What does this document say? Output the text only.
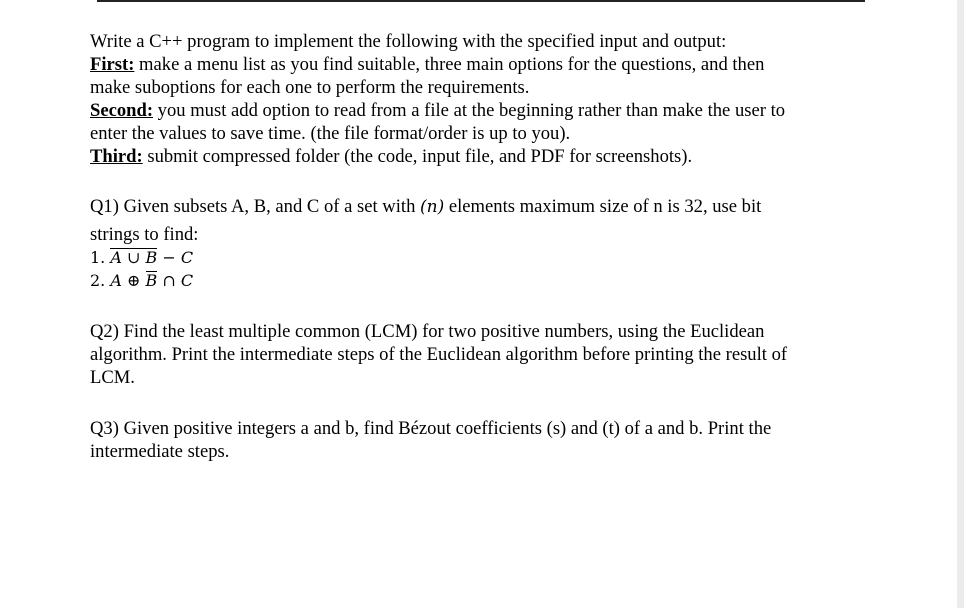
Write a C++ program to implement the following with the specified input and output:

First: make a menu list as you find suitable, three main options for the questions, and then

make suboptions for each one to perform the requirements.

Second: you must add option to read from a file at the beginning rather than make the user to

enter the values to save time. (the file format/order is up to you).

Third: submit compressed folder (the code, input file, and PDF for screenshots).

Q1) Given subsets A, B, and C of a set with (n) elements maximum size of n is 32, use bit

strings to find:

1. A ∪ B − C

2. A ⊕ B ∩ C

Q2) Find the least multiple common (LCM) for two positive numbers, using the Euclidean

algorithm. Print the intermediate steps of the Euclidean algorithm before printing the result of

LCM.

Q3) Given positive integers a and b, find Bézout coefficients (s) and (t) of a and b. Print the

intermediate steps.
